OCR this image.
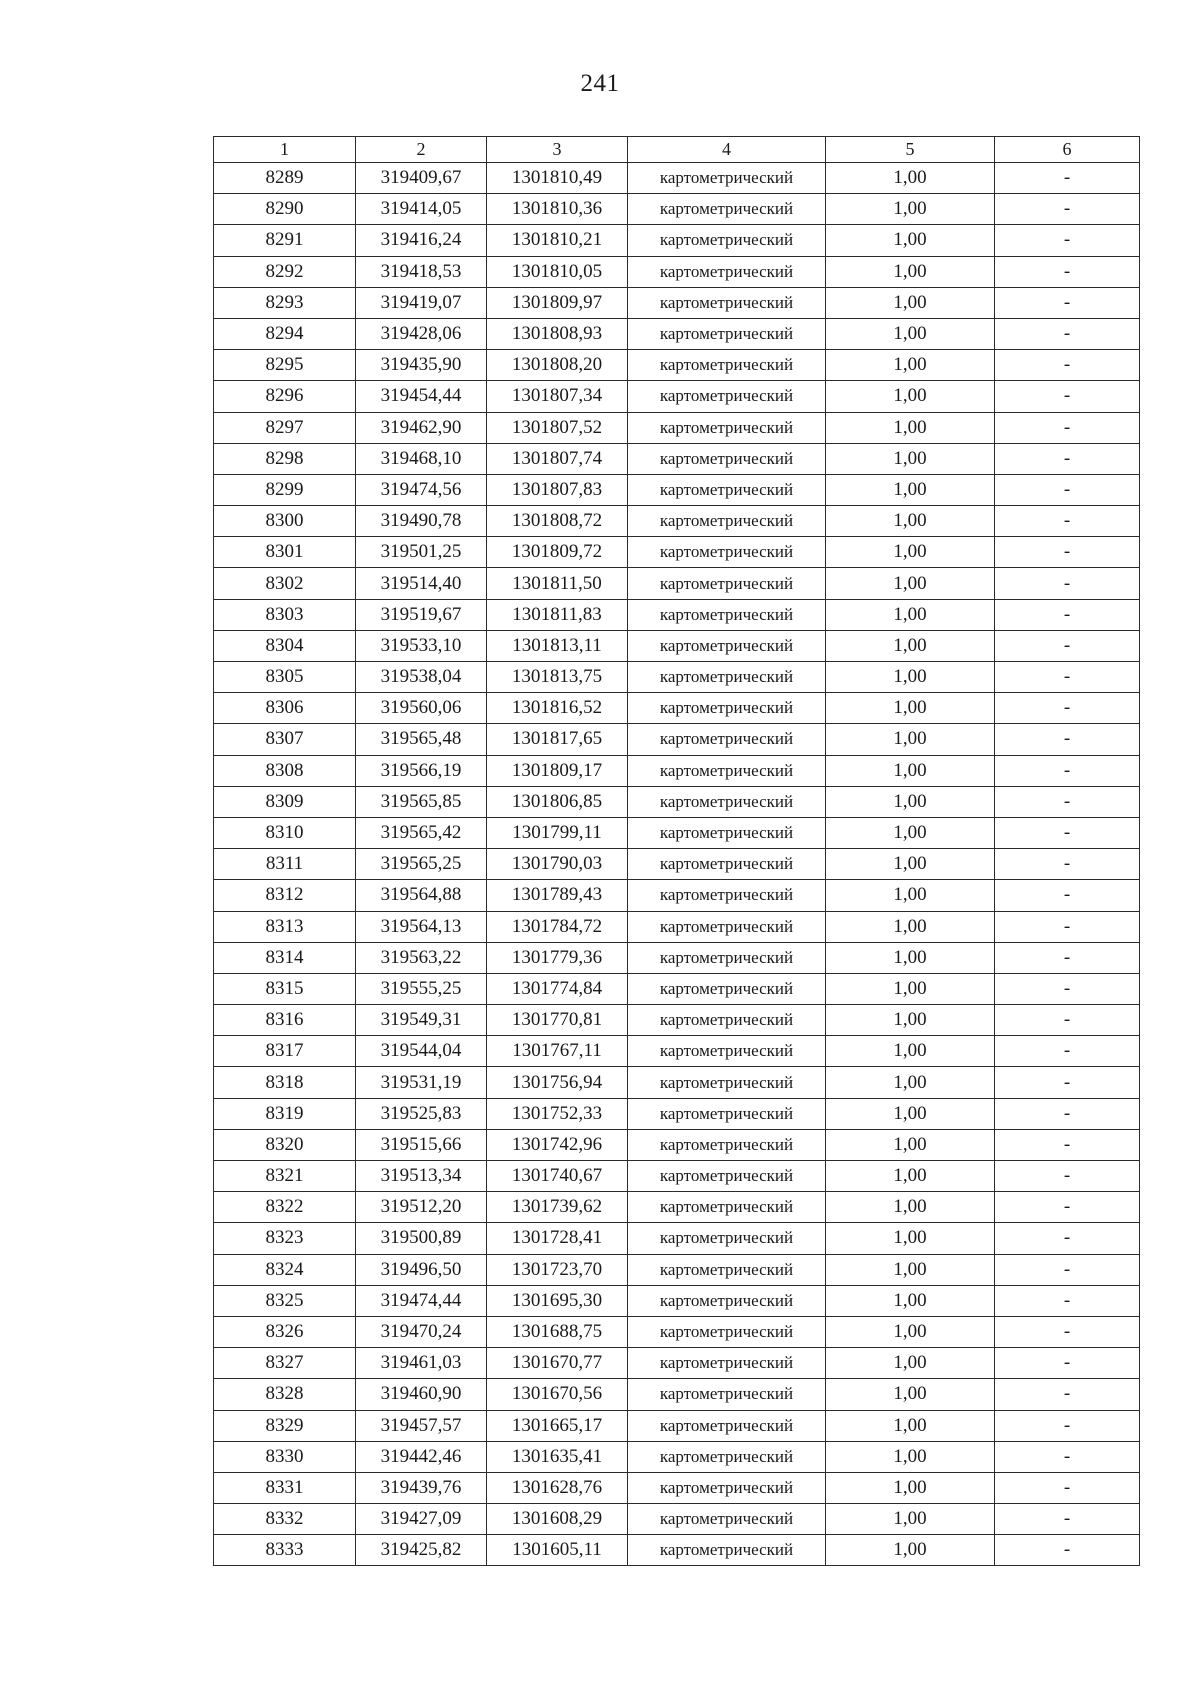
241
1	2	3	4	5	6
8289	319409,67	1301810,49	картометрический	1,00	-
8290	319414,05	1301810,36	картометрический	1,00	-
8291	319416,24	1301810,21	картометрический	1,00	-
8292	319418,53	1301810,05	картометрический	1,00	-
8293	319419,07	1301809,97	картометрический	1,00	-
8294	319428,06	1301808,93	картометрический	1,00	-
8295	319435,90	1301808,20	картометрический	1,00	-
8296	319454,44	1301807,34	картометрический	1,00	-
8297	319462,90	1301807,52	картометрический	1,00	-
8298	319468,10	1301807,74	картометрический	1,00	-
8299	319474,56	1301807,83	картометрический	1,00	-
8300	319490,78	1301808,72	картометрический	1,00	-
8301	319501,25	1301809,72	картометрический	1,00	-
8302	319514,40	1301811,50	картометрический	1,00	-
8303	319519,67	1301811,83	картометрический	1,00	-
8304	319533,10	1301813,11	картометрический	1,00	-
8305	319538,04	1301813,75	картометрический	1,00	-
8306	319560,06	1301816,52	картометрический	1,00	-
8307	319565,48	1301817,65	картометрический	1,00	-
8308	319566,19	1301809,17	картометрический	1,00	-
8309	319565,85	1301806,85	картометрический	1,00	-
8310	319565,42	1301799,11	картометрический	1,00	-
8311	319565,25	1301790,03	картометрический	1,00	-
8312	319564,88	1301789,43	картометрический	1,00	-
8313	319564,13	1301784,72	картометрический	1,00	-
8314	319563,22	1301779,36	картометрический	1,00	-
8315	319555,25	1301774,84	картометрический	1,00	-
8316	319549,31	1301770,81	картометрический	1,00	-
8317	319544,04	1301767,11	картометрический	1,00	-
8318	319531,19	1301756,94	картометрический	1,00	-
8319	319525,83	1301752,33	картометрический	1,00	-
8320	319515,66	1301742,96	картометрический	1,00	-
8321	319513,34	1301740,67	картометрический	1,00	-
8322	319512,20	1301739,62	картометрический	1,00	-
8323	319500,89	1301728,41	картометрический	1,00	-
8324	319496,50	1301723,70	картометрический	1,00	-
8325	319474,44	1301695,30	картометрический	1,00	-
8326	319470,24	1301688,75	картометрический	1,00	-
8327	319461,03	1301670,77	картометрический	1,00	-
8328	319460,90	1301670,56	картометрический	1,00	-
8329	319457,57	1301665,17	картометрический	1,00	-
8330	319442,46	1301635,41	картометрический	1,00	-
8331	319439,76	1301628,76	картометрический	1,00	-
8332	319427,09	1301608,29	картометрический	1,00	-
8333	319425,82	1301605,11	картометрический	1,00	-
